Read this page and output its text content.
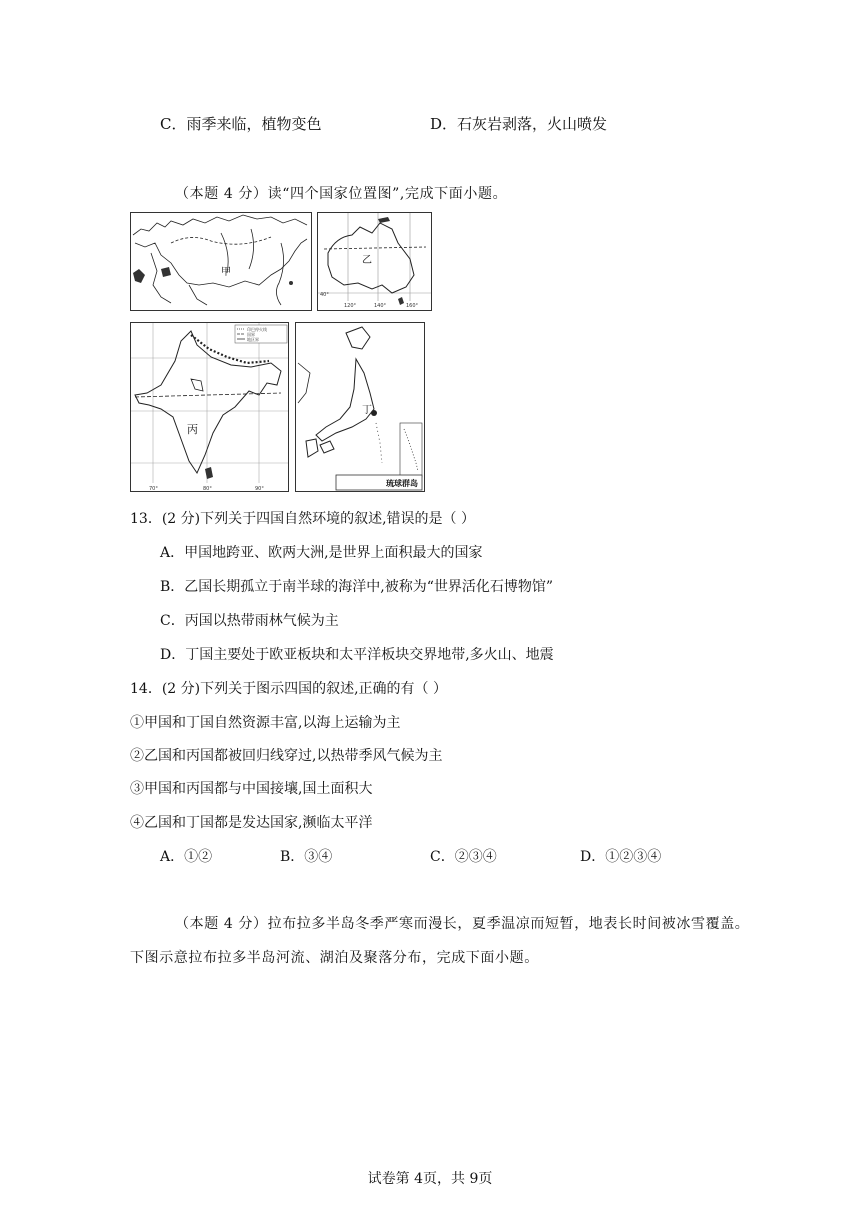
C．雨季来临，植物变色	D．石灰岩剥落，火山喷发
（本题 4 分）读“四个国家位置图”,完成下面小题。
甲
乙
120°	140°	160°
40°
印巴停火线
国界
地区界
丙
70°	80°	90°
丁
琉球群岛
13．(2 分)下列关于四国自然环境的叙述,错误的是（ ）
A．甲国地跨亚、欧两大洲,是世界上面积最大的国家
B．乙国长期孤立于南半球的海洋中,被称为“世界活化石博物馆”
C．丙国以热带雨林气候为主
D．丁国主要处于欧亚板块和太平洋板块交界地带,多火山、地震
14．(2 分)下列关于图示四国的叙述,正确的有（ ）
①甲国和丁国自然资源丰富,以海上运输为主
②乙国和丙国都被回归线穿过,以热带季风气候为主
③甲国和丙国都与中国接壤,国土面积大
④乙国和丁国都是发达国家,濒临太平洋
A．①②	B．③④	C．②③④	D．①②③④
（本题 4 分）拉布拉多半岛冬季严寒而漫长，夏季温凉而短暂，地表长时间被冰雪覆盖。
下图示意拉布拉多半岛河流、湖泊及聚落分布，完成下面小题。
试卷第 4页，共 9页
